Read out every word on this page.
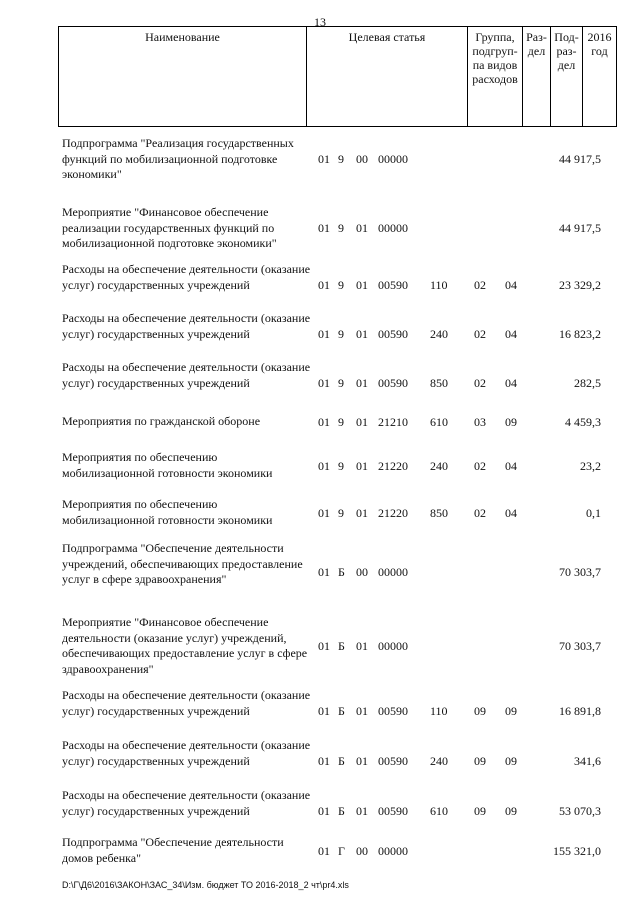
13
Наименование	Целевая статья	Группа, подгруп-па видов расходов
Раз-дел
Под-раз-дел
2016 год
Подпрограмма "Реализация государственных функций по мобилизационной подготовке экономики"
01 9 00 00000	44 917,5
Мероприятие "Финансовое обеспечение реализации государственных функций по мобилизационной подготовке экономики"
01 9 01 00000	44 917,5
Расходы на обеспечение деятельности (оказание услуг) государственных учреждений	01 9 01 00590 110 02 04	23 329,2
Расходы на обеспечение деятельности (оказание услуг) государственных учреждений	01 9 01 00590 240 02 04	16 823,2
Расходы на обеспечение деятельности (оказание услуг) государственных учреждений	01 9 01 00590 850 02 04	282,5
Мероприятия по гражданской обороне	01 9 01 21210 610 03 09	4 459,3
Мероприятия по обеспечению мобилизационной готовности экономики	01 9 01 21220 240 02 04	23,2
Мероприятия по обеспечению мобилизационной готовности экономики	01 9 01 21220 850 02 04	0,1
Подпрограмма "Обеспечение деятельности учреждений, обеспечивающих предоставление услуг в сфере здравоохранения"	01 Б 00 00000	70 303,7
Мероприятие "Финансовое обеспечение деятельности (оказание услуг) учреждений, обеспечивающих предоставление услуг в сфере здравоохранения"
01 Б 01 00000	70 303,7
Расходы на обеспечение деятельности (оказание услуг) государственных учреждений	01 Б 01 00590 110 09 09	16 891,8
Расходы на обеспечение деятельности (оказание услуг) государственных учреждений	01 Б 01 00590 240 09 09	341,6
Расходы на обеспечение деятельности (оказание услуг) государственных учреждений	01 Б 01 00590 610 09 09	53 070,3
Подпрограмма "Обеспечение деятельности домов ребенка"	01 Г 00 00000	155 321,0
D:\Г\Д6\2016\ЗАКОН\ЗАС_34\Изм. бюджет ТО 2016-2018_2 чт\pr4.xls
